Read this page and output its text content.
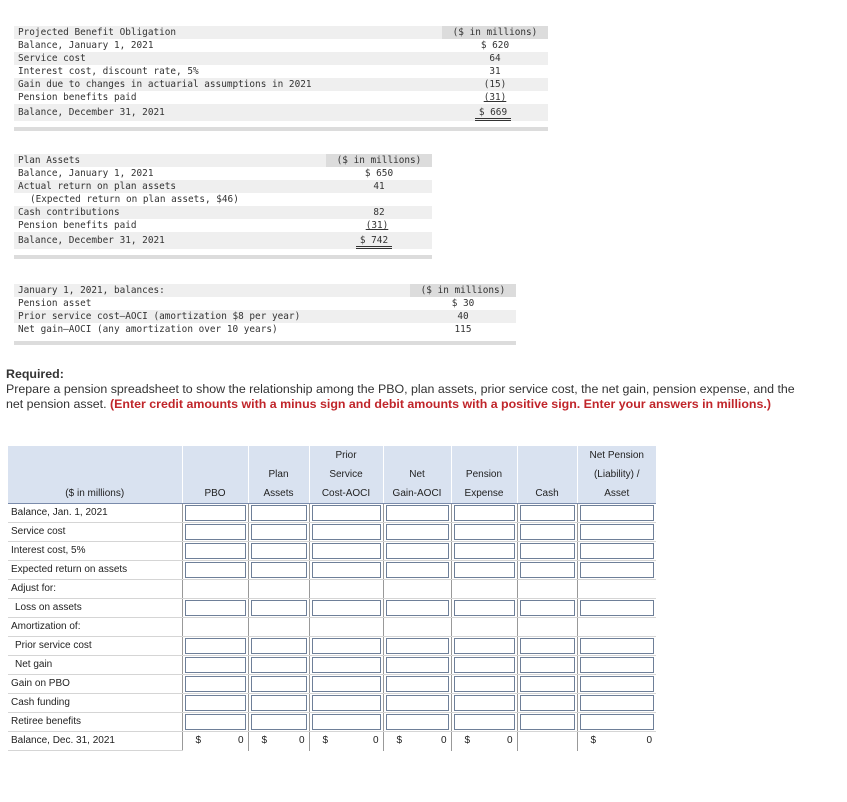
Projected Benefit Obligation	($ in millions)
Balance, January 1, 2021	$ 620
Service cost	64
Interest cost, discount rate, 5%	31
Gain due to changes in actuarial assumptions in 2021	(15)
Pension benefits paid	(31)
Balance, December 31, 2021	$ 669
Plan Assets	($ in millions)
Balance, January 1, 2021	$ 650
Actual return on plan assets	41
(Expected return on plan assets, $46)
Cash contributions	82
Pension benefits paid	(31)
Balance, December 31, 2021	$ 742
January 1, 2021, balances:	($ in millions)
Pension asset	$ 30
Prior service cost—AOCI (amortization $8 per year)	40
Net gain—AOCI (any amortization over 10 years)	115
Required:
Prepare a pension spreadsheet to show the relationship among the PBO, plan assets, prior service cost, the net gain, pension expense, and the net pension asset. (Enter credit amounts with a minus sign and debit amounts with a positive sign. Enter your answers in millions.)
			Prior				Net Pension
		Plan	Service	Net	Pension		(Liability) /
($ in millions)	PBO	Assets	Cost-AOCI	Gain-AOCI	Expense	Cash	Asset
Balance, Jan. 1, 2021	

Service cost	

Interest cost, 5%	

Expected return on assets	

Adjust for:							
Loss on assets	

Amortization of:							
Prior service cost	

Net gain	

Gain on PBO	

Cash funding	

Retiree benefits	

Balance, Dec. 31, 2021	$ 0	$ 0	$ 0	$ 0	$ 0		$ 0
